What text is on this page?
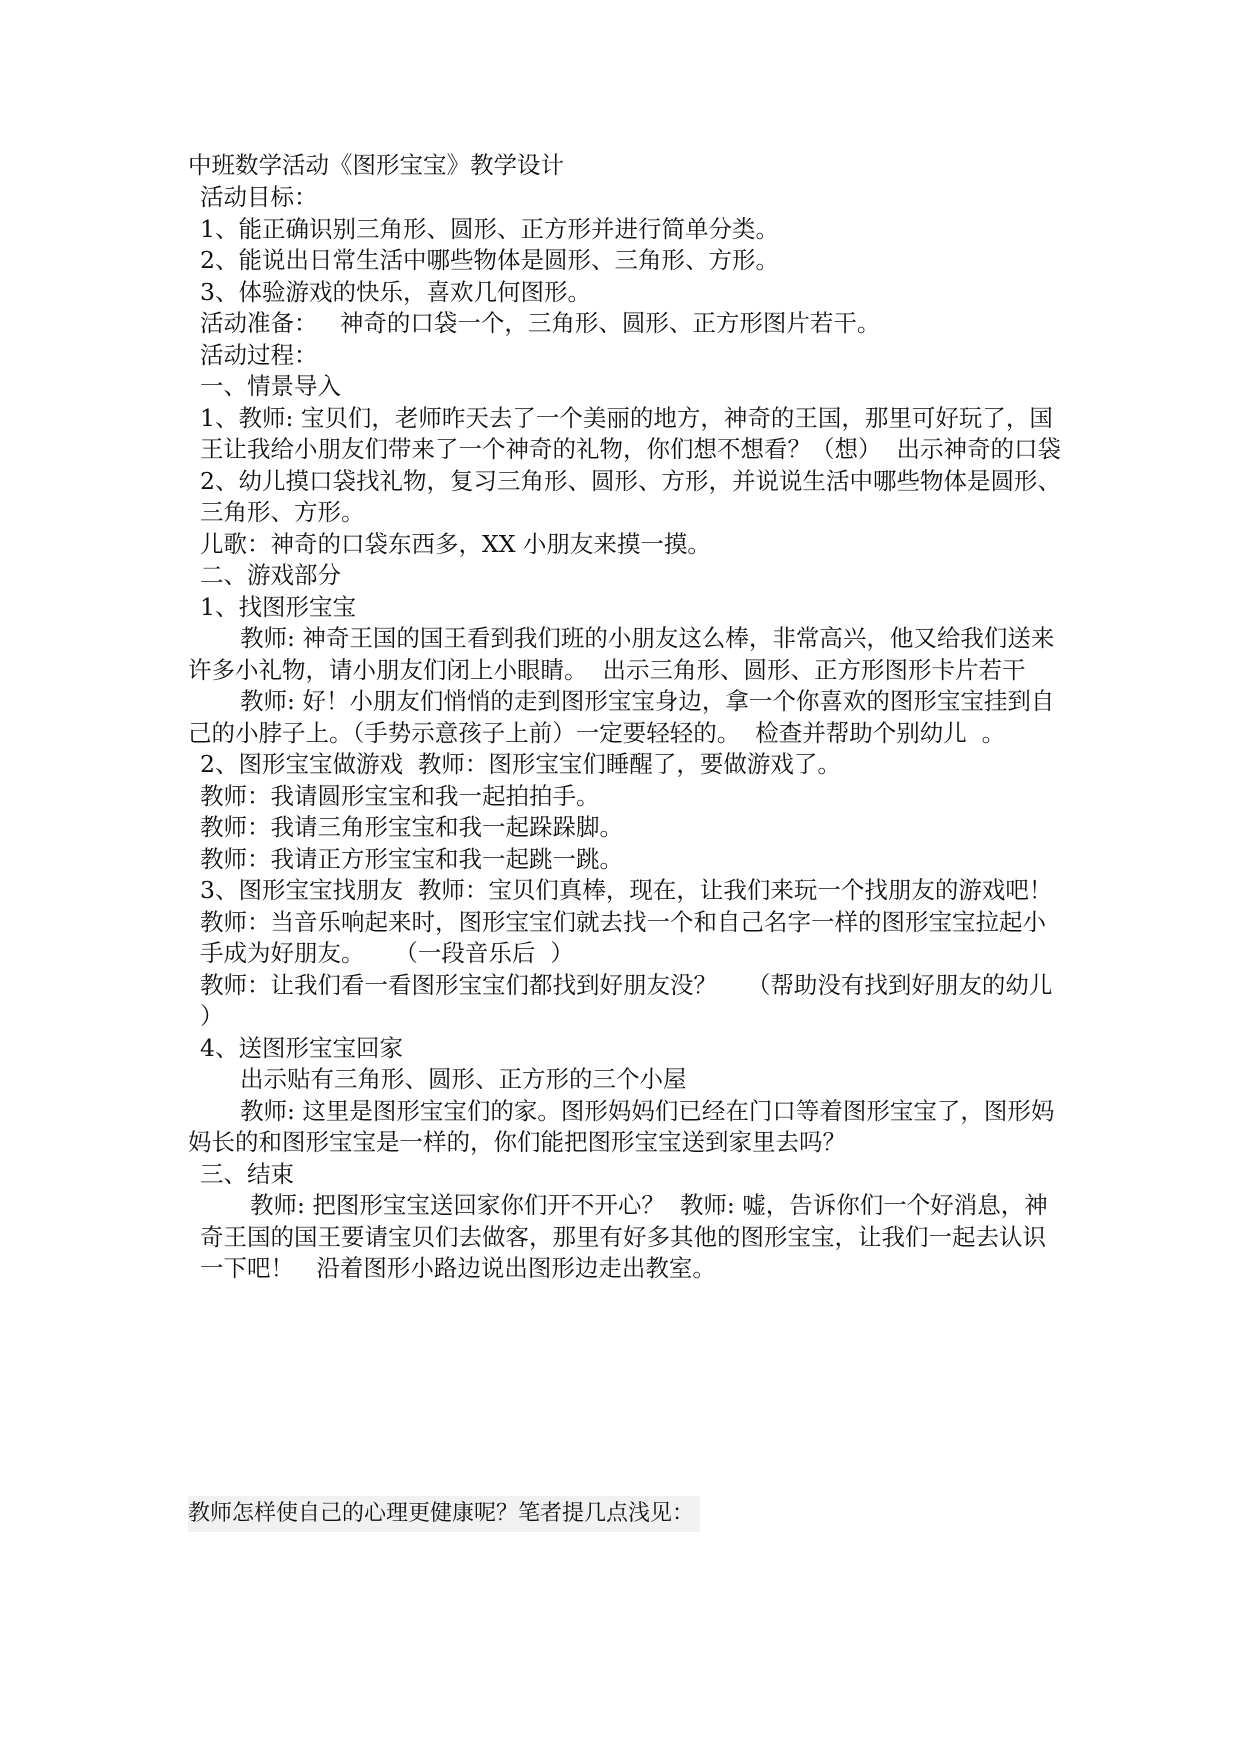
中班数学活动《图形宝宝》教学设计

活动目标：

1、能正确识别三角形、圆形、正方形并进行简单分类。

2、能说出日常生活中哪些物体是圆形、三角形、方形。

3、体验游戏的快乐，喜欢几何图形。

活动准备：   神奇的口袋一个，三角形、圆形、正方形图片若干。

活动过程：

一、情景导入

1、教师: 宝贝们，老师昨天去了一个美丽的地方，神奇的王国，那里可好玩了，国王让我给小朋友们带来了一个神奇的礼物，你们想不想看？（想）  出示神奇的口袋

2、幼儿摸口袋找礼物，复习三角形、圆形、方形，并说说生活中哪些物体是圆形、三角形、方形。

儿歌：神奇的口袋东西多，XX 小朋友来摸一摸。

二、游戏部分

1、找图形宝宝

教师: 神奇王国的国王看到我们班的小朋友这么棒，非常高兴，他又给我们送来许多小礼物，请小朋友们闭上小眼睛。  出示三角形、圆形、正方形图形卡片若干

教师: 好！小朋友们悄悄的走到图形宝宝身边，拿一个你喜欢的图形宝宝挂到自己的小脖子上。（手势示意孩子上前）一定要轻轻的。  检查并帮助个别幼儿  。

2、图形宝宝做游戏  教师：图形宝宝们睡醒了，要做游戏了。

教师：我请圆形宝宝和我一起拍拍手。

教师：我请三角形宝宝和我一起跺跺脚。

教师：我请正方形宝宝和我一起跳一跳。

3、图形宝宝找朋友  教师：宝贝们真棒，现在，让我们来玩一个找朋友的游戏吧！

教师：当音乐响起来时，图形宝宝们就去找一个和自己名字一样的图形宝宝拉起小手成为好朋友。    （一段音乐后  ）

教师：让我们看一看图形宝宝们都找到好朋友没？    （帮助没有找到好朋友的幼儿  ）

4、送图形宝宝回家

出示贴有三角形、圆形、正方形的三个小屋

教师: 这里是图形宝宝们的家。图形妈妈们已经在门口等着图形宝宝了，图形妈妈长的和图形宝宝是一样的，你们能把图形宝宝送到家里去吗？

三、结束

教师: 把图形宝宝送回家你们开不开心？  教师: 嘘，告诉你们一个好消息，神奇王国的国王要请宝贝们去做客，那里有好多其他的图形宝宝，让我们一起去认识一下吧！   沿着图形小路边说出图形边走出教室。

教师怎样使自己的心理更健康呢？笔者提几点浅见：
